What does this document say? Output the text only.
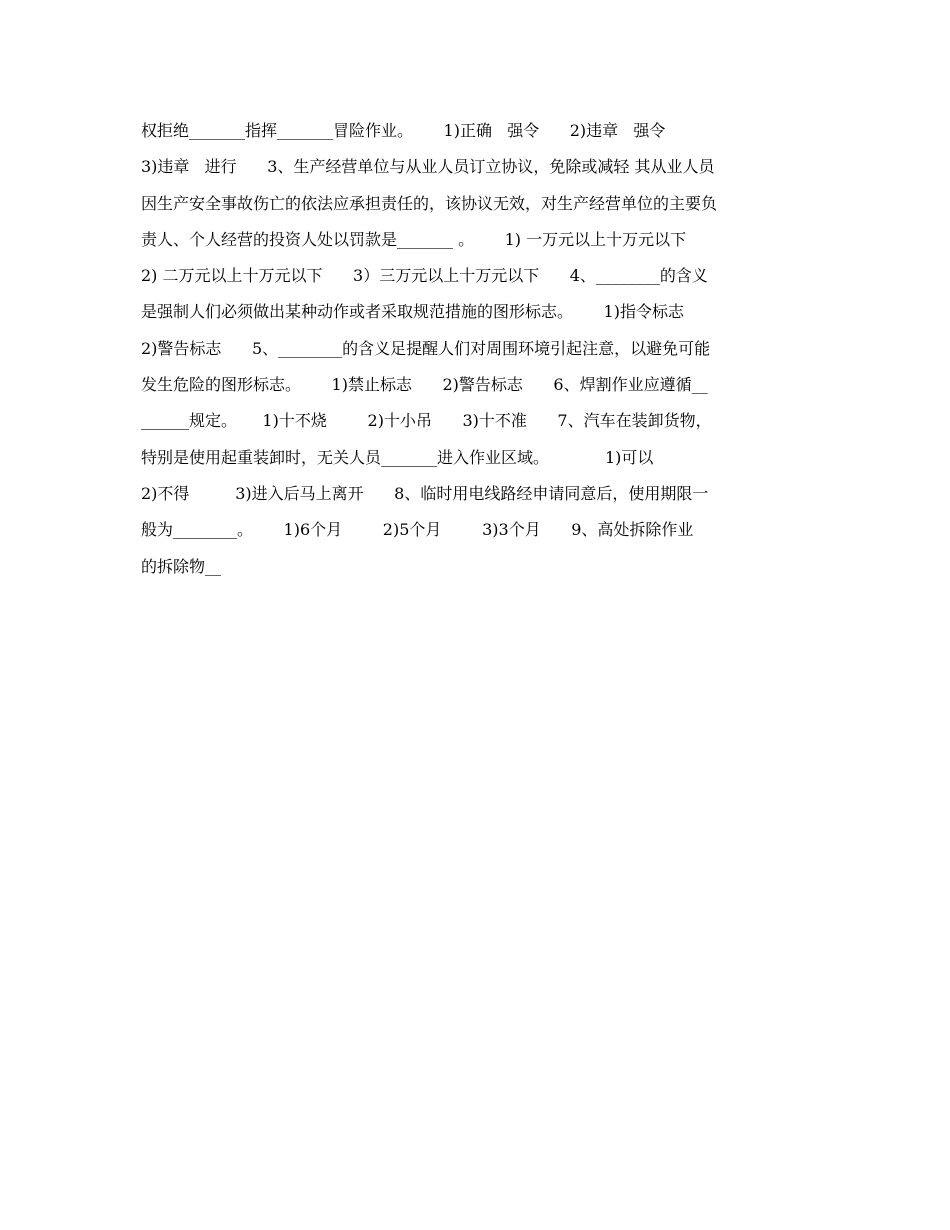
权拒绝_______指挥_______冒险作业。      1)正确   强令      2)违章   强令
3)违章   进行      3、生产经营单位与从业人员订立协议，免除或减轻 其从业人员
因生产安全事故伤亡的依法应承担责任的，该协议无效，对生产经营单位的主要负
责人、个人经营的投资人处以罚款是_______ 。      1) 一万元以上十万元以下
2) 二万元以上十万元以下      3）三万元以上十万元以下      4、________的含义
是强制人们必须做出某种动作或者采取规范措施的图形标志。      1)指令标志
2)警告标志      5、________的含义足提醒人们对周围环境引起注意，以避免可能
发生危险的图形标志。      1)禁止标志      2)警告标志      6、焊割作业应遵循__
______规定。     1)十不烧        2)十小吊      3)十不准      7、汽车在装卸货物，
特别是使用起重装卸时，无关人员_______进入作业区域。           1)可以
2)不得         3)进入后马上离开      8、临时用电线路经申请同意后，使用期限一
般为________。      1)6个月        2)5个月        3)3个月      9、高处拆除作业
的拆除物__
